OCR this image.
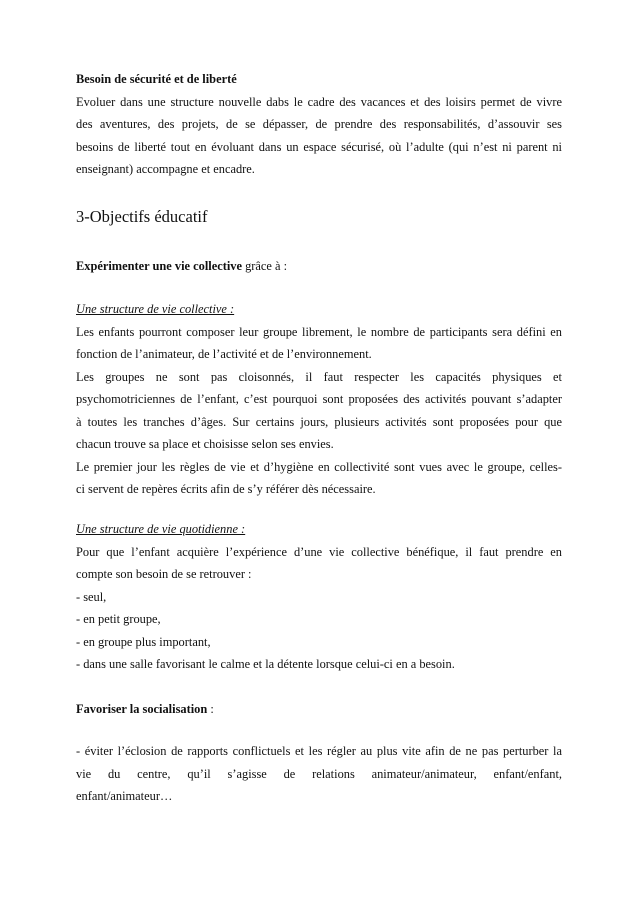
Besoin de sécurité et de liberté
Evoluer dans une structure nouvelle dabs le cadre des vacances et des loisirs permet de vivre
des aventures, des projets, de se dépasser, de prendre des responsabilités, d’assouvir ses
besoins de liberté tout en évoluant dans un espace sécurisé, où l’adulte (qui n’est ni parent ni
enseignant) accompagne et encadre.
3-Objectifs éducatif
Expérimenter une vie collective grâce à :
Une structure de vie collective :
Les enfants pourront composer leur groupe librement, le nombre de participants sera défini en
fonction de l’animateur, de l’activité et de l’environnement.
Les groupes ne sont pas cloisonnés, il faut respecter les capacités physiques et
psychomotriciennes de l’enfant, c’est pourquoi sont proposées des activités pouvant s’adapter
à toutes les tranches d’âges. Sur certains jours, plusieurs activités sont proposées pour que
chacun trouve sa place et choisisse selon ses envies.
Le premier jour les règles de vie et d’hygiène en collectivité sont vues avec le groupe, celles-
ci servent de repères écrits afin de s’y référer dès nécessaire.
Une structure de vie quotidienne :
Pour que l’enfant acquière l’expérience d’une vie collective bénéfique, il faut prendre en
compte son besoin de se retrouver :
- seul,
- en petit groupe,
- en groupe plus important,
- dans une salle favorisant le calme et la détente lorsque celui-ci en a besoin.
Favoriser la socialisation :
- éviter l’éclosion de rapports conflictuels et les régler au plus vite afin de ne pas perturber la
vie du centre, qu’il s’agisse de relations animateur/animateur, enfant/enfant,
enfant/animateur…
